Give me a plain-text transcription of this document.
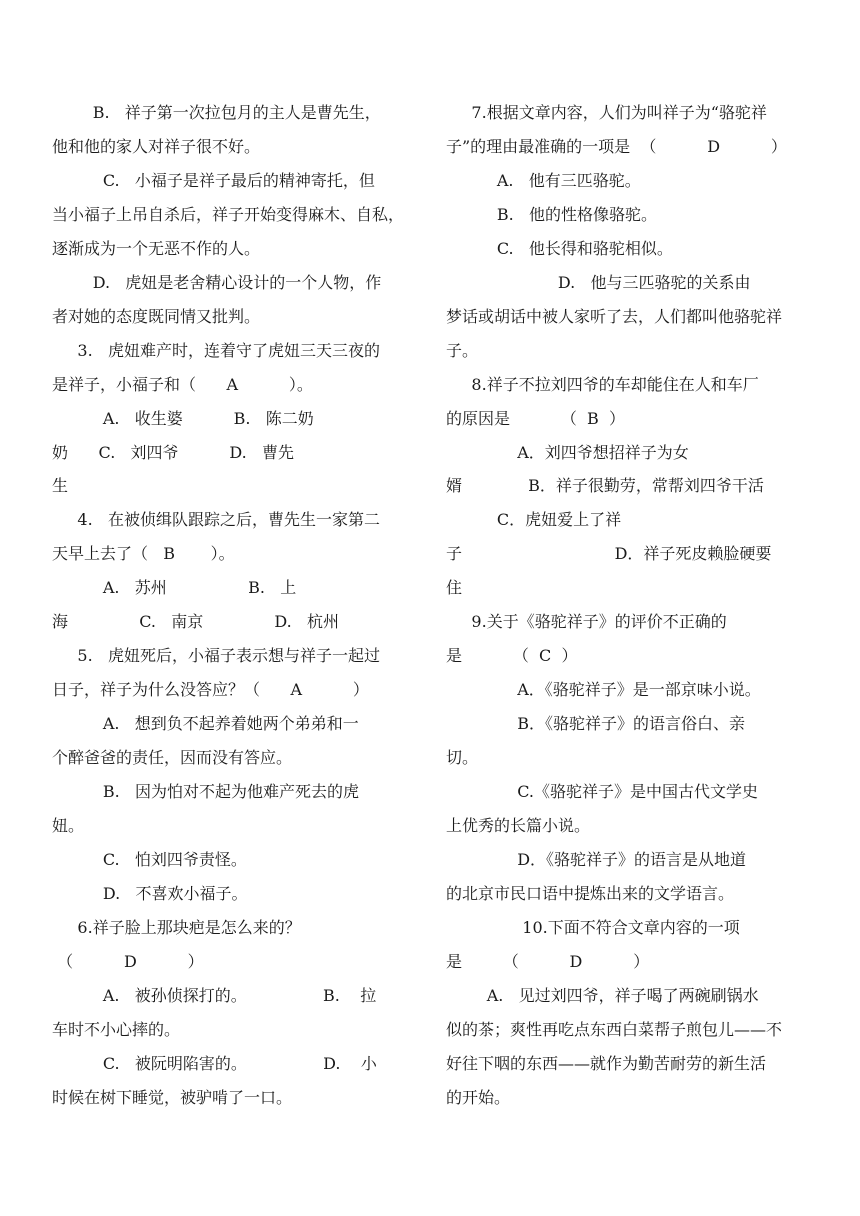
B.   祥子第一次拉包月的主人是曹先生，
他和他的家人对祥子很不好。
C.   小福子是祥子最后的精神寄托，但
当小福子上吊自杀后，祥子开始变得麻木、自私，
逐渐成为一个无恶不作的人。
D.   虎妞是老舍精心设计的一个人物，作
者对她的态度既同情又批判。
3.   虎妞难产时，连着守了虎妞三天三夜的
是祥子，小福子和（      A          ）。
A.   收生婆          B.   陈二奶
奶      C.   刘四爷          D.   曹先
生
4.   在被侦缉队跟踪之后，曹先生一家第二
天早上去了（   B       ）。
A.   苏州                B.   上
海              C.   南京              D.   杭州
5.   虎妞死后，小福子表示想与祥子一起过
日子，祥子为什么没答应？（      A          ）
A.   想到负不起养着她两个弟弟和一
个醉爸爸的责任，因而没有答应。
B.   因为怕对不起为他难产死去的虎
妞。
C.   怕刘四爷责怪。
D.   不喜欢小福子。
6.祥子脸上那块疤是怎么来的？
（          D          ）
A.   被孙侦探打的。               B.    拉
车时不小心摔的。
C.   被阮明陷害的。               D.    小
时候在树下睡觉，被驴啃了一口。
7.根据文章内容，人们为叫祥子为“骆驼祥
子”的理由最准确的一项是  （          D          ）
A.   他有三匹骆驼。
B.   他的性格像骆驼。
C.   他长得和骆驼相似。
D.   他与三匹骆驼的关系由
梦话或胡话中被人家听了去，人们都叫他骆驼祥
子。
8.祥子不拉刘四爷的车却能住在人和车厂
的原因是          （  B  ）
A．刘四爷想招祥子为女
婿             B．祥子很勤劳，常帮刘四爷干活
C．虎妞爱上了祥
子                              D．祥子死皮赖脸硬要
住
9.关于《骆驼祥子》的评价不正确的
是          （  C  ）
A．《骆驼祥子》是一部京味小说。
B．《骆驼祥子》的语言俗白、亲
切。
C.《骆驼祥子》是中国古代文学史
上优秀的长篇小说。
D．《骆驼祥子》的语言是从地道
的北京市民口语中提炼出来的文学语言。
10.下面不符合文章内容的一项
是        （          D          ）
A.   见过刘四爷，祥子喝了两碗刷锅水
似的茶；爽性再吃点东西白菜帮子煎包儿——不
好往下咽的东西——就作为勤苦耐劳的新生活
的开始。
